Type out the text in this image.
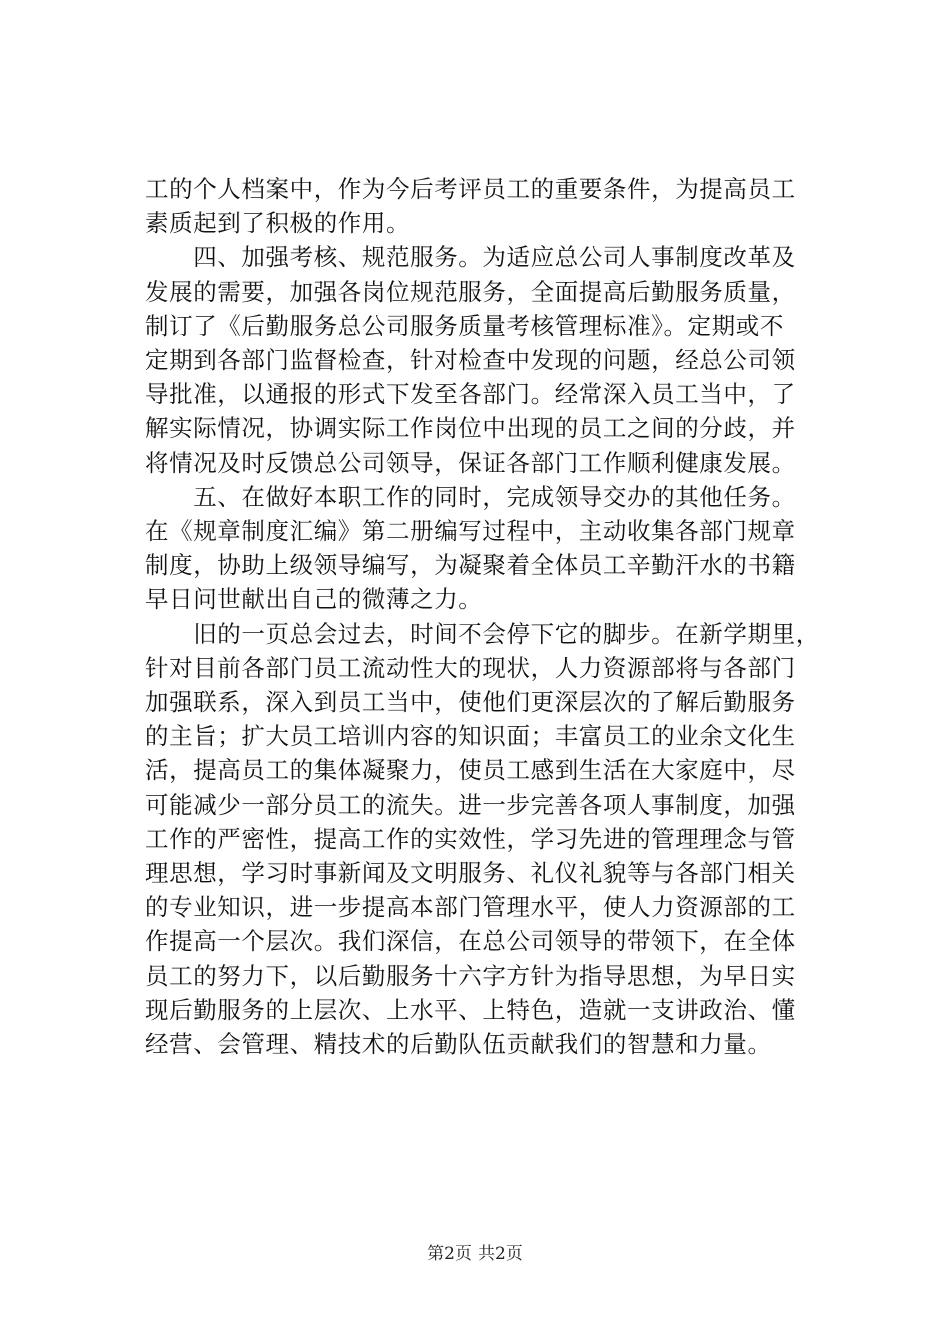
工的个人档案中，作为今后考评员工的重要条件，为提高员工
素质起到了积极的作用。
　　四、加强考核、规范服务。为适应总公司人事制度改革及
发展的需要，加强各岗位规范服务，全面提高后勤服务质量，
制订了《后勤服务总公司服务质量考核管理标准》。定期或不
定期到各部门监督检查，针对检查中发现的问题，经总公司领
导批准，以通报的形式下发至各部门。经常深入员工当中，了
解实际情况，协调实际工作岗位中出现的员工之间的分歧，并
将情况及时反馈总公司领导，保证各部门工作顺利健康发展。
　　五、在做好本职工作的同时，完成领导交办的其他任务。
在《规章制度汇编》第二册编写过程中，主动收集各部门规章
制度，协助上级领导编写，为凝聚着全体员工辛勤汗水的书籍
早日问世献出自己的微薄之力。
　　旧的一页总会过去，时间不会停下它的脚步。在新学期里，
针对目前各部门员工流动性大的现状，人力资源部将与各部门
加强联系，深入到员工当中，使他们更深层次的了解后勤服务
的主旨；扩大员工培训内容的知识面；丰富员工的业余文化生
活，提高员工的集体凝聚力，使员工感到生活在大家庭中，尽
可能减少一部分员工的流失。进一步完善各项人事制度，加强
工作的严密性，提高工作的实效性，学习先进的管理理念与管
理思想，学习时事新闻及文明服务、礼仪礼貌等与各部门相关
的专业知识，进一步提高本部门管理水平，使人力资源部的工
作提高一个层次。我们深信，在总公司领导的带领下，在全体
员工的努力下，以后勤服务十六字方针为指导思想，为早日实
现后勤服务的上层次、上水平、上特色，造就一支讲政治、懂
经营、会管理、精技术的后勤队伍贡献我们的智慧和力量。
第2页 共2页
